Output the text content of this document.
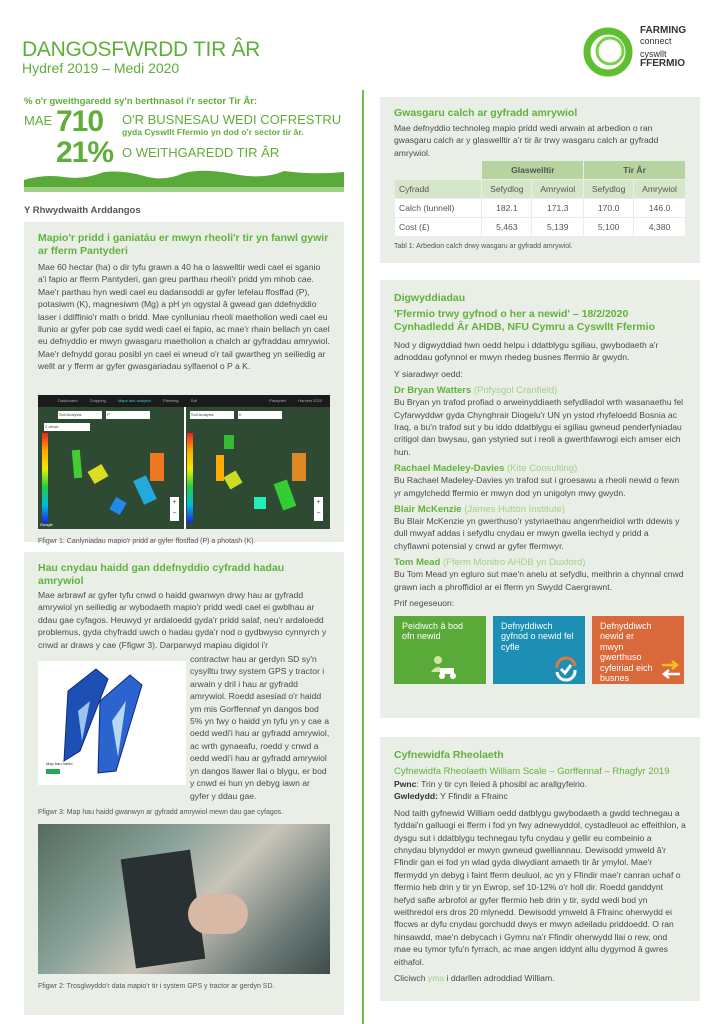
DANGOSFWRDD TIR ÂR
Hydref 2019 – Medi 2020
FARMING
connect
cyswllt
FFERMIO
% o'r gweithgaredd sy'n berthnasol i'r sector Tir Âr:
MAE 710 O'R BUSNESAU WEDI COFRESTRU
gyda Cyswllt Ffermio yn dod o'r sector tir âr.
21% O WEITHGAREDD TIR ÂR
Y Rhwydwaith Arddangos
Mapio'r pridd i ganiatáu er mwyn rheoli'r tir yn fanwl gywir ar fferm Pantyderi
Mae 60 hectar (ha) o dir tyfu grawn a 40 ha o laswelltir wedi cael ei sganio a'i fapio ar fferm Pantyderi, gan greu parthau rheoli'r pridd ym mhob cae. Mae'r parthau hyn wedi cael eu dadansoddi ar gyfer lefelau ffosffad (P), potasiwm (K), magnesiwm (Mg) a pH yn ogystal â gwead gan ddefnyddio laser i ddiffinio'r math o bridd. Mae cynlluniau rheoli maetholion wedi cael eu llunio ar gyfer pob cae sydd wedi cael ei fapio, ac mae'r rhain bellach yn cael eu defnyddio er mwyn gwasgaru maetholion a chalch ar gyfraddau amrywiol. Mae'r defnydd gorau posibl yn cael ei wneud o'r tail gwartheg yn seiliedig ar wellt ar y fferm ar gyfer gwasgariadau sylfaenol o P a K.
Dashboard	Cropping	Maps and analysis	Planning	Soil	Pantyderi	Harvest 2020
Soil Analysis	P
2 views
Soil Analysis	K
+
−
+
−
Google
Ffigwr 1: Canlyniadau mapio'r pridd ar gyfer ffosffad (P) a photash (K).
Hau cnydau haidd gan ddefnyddio cyfradd hadau amrywiol
Mae arbrawf ar gyfer tyfu cnwd o haidd gwanwyn drwy hau ar gyfradd amrywiol yn seiliedig ar wybodaeth mapio'r pridd wedi cael ei gwblhau ar ddau gae cyfagos. Heuwyd yr ardaloedd gyda'r pridd salaf, neu'r ardaloedd problemus, gyda chyfradd uwch o hadau gyda'r nod o gydbwyso cynnyrch y cnwd ar draws y cae (Ffigwr 3). Darparwyd mapiau digidol i'r
Map hau haidd
contractwr hau ar gerdyn SD sy'n cysylltu trwy system GPS y tractor i arwain y dril i hau ar gyfradd amrywiol. Roedd asesiad o'r haidd ym mis Gorffennaf yn dangos bod 5% yn fwy o haidd yn tyfu yn y cae a oedd wedi'i hau ar gyfradd amrywiol, ac wrth gynaeafu, roedd y cnwd a oedd wedi'i hau ar gyfradd amrywiol yn dangos llawer llai o blygu, er bod y cnwd ei hun yn debyg iawn ar gyfer y ddau gae.
Ffigwr 3: Map hau haidd gwanwyn ar gyfradd amrywiol mewn dau gae cyfagos.
Ffigwr 2: Trosglwyddo'r data mapio'r tir i system GPS y tractor ar gerdyn SD.
Gwasgaru calch ar gyfradd amrywiol
Mae defnyddio technoleg mapio pridd wedi arwain at arbedion o ran gwasgaru calch ar y glaswelltir a'r tir âr trwy wasgaru calch ar gyfradd amrywiol.
	Glaswelltir		Tir Âr	
Cyfradd	Sefydlog	Amrywiol	Sefydlog	Amrywiol
Calch (tunnell)	182.1	171.3	170.0	146.0
Cost (£)	5,463	5,139	5,100	4,380
Tabl 1: Arbedion calch drwy wasgaru ar gyfradd amrywiol.
Digwyddiadau
'Ffermio trwy gyfnod o her a newid' – 18/2/2020
Cynhadledd Âr AHDB, NFU Cymru a Cyswllt Ffermio
Nod y digwyddiad hwn oedd helpu i ddatblygu sgiliau, gwybodaeth a'r adnoddau gofynnol er mwyn rhedeg busnes ffermio âr gwydn.
Y siaradwyr oedd:
Dr Bryan Watters (Prifysgol Cranfield)
Bu Bryan yn trafod profiad o arweinyddiaeth sefydliadol wrth wasanaethu fel Cyfarwyddwr gyda Chynghrair Diogelu'r UN yn ystod rhyfeloedd Bosnia ac Iraq, a bu'n trafod sut y bu iddo ddatblygu ei sgiliau gwneud penderfyniadau critigol dan bwysau, gan ystyried sut i reoli a gwerthfawrogi eich amser eich hun.
Rachael Madeley-Davies (Kite Consulting)
Bu Rachael Madeley-Davies yn trafod sut i groesawu a rheoli newid o fewn yr amgylchedd ffermio er mwyn dod yn unigolyn mwy gwydn.
Blair McKenzie (James Hutton Institute)
Bu Blair McKenzie yn gwerthuso'r ystyriaethau angenrheidiol wrth ddewis y dull mwyaf addas i sefydlu cnydau er mwyn gwella iechyd y pridd a chyflawni potensial y cnwd ar gyfer ffermwyr.
Tom Mead (Fferm Monitro AHDB yn Duxford)
Bu Tom Mead yn egluro sut mae'n anelu at sefydlu, meithrin a chynnal cnwd grawn iach a phroffidiol ar ei fferm yn Swydd Caergrawnt.
Prif negeseuon:
Peidiwch â bod ofn newid
Defnyddiwch gyfnod o newid fel cyfle
Defnyddiwch newid er mwyn gwerthuso cyfeiriad eich busnes
Cyfnewidfa Rheolaeth
Cyfnewidfa Rheolaeth William Scale – Gorffennaf – Rhagfyr 2019
Pwnc: Trin y tir cyn lleied â phosibl ac arallgyfeirio.
Gwledydd: Y Ffindir a Ffrainc
Nod taith gyfnewid William oedd datblygu gwybodaeth a gwdd technegau a fyddai'n galluogi ei fferm i fod yn fwy adnewyddol, cystadleuol ac effeithlon, a dysgu sut i ddatblygu technegau tyfu cnydau y gellir eu combeinio a chnydau blynyddol er mwyn gwneud gwelliannau. Dewisodd ymweld â'r Ffindir gan ei fod yn wlad gyda diwydiant amaeth tir âr ymylol. Mae'r ffermydd yn debyg i faint fferm deuluol, ac yn y Ffindir mae'r canran uchaf o ffermio heb drin y tir yn Ewrop, sef 10-12% o'r holl dir. Roedd ganddynt hefyd safle arbrofol ar gyfer ffermio heb drin y tir, sydd wedi bod yn weithredol ers dros 20 mlynedd. Dewisodd ymweld â Ffrainc oherwydd ei ffocws ar dyfu cnydau gorchudd dwys er mwyn adeiladu priddoedd. O ran hinsawdd, mae'n debycach i Gymru na'r Ffindir oherwydd llai o rew, ond mae eu tymor tyfu'n fyrrach, ac mae angen iddynt allu dygymod â gwres eithafol.
Cliciwch yma i ddarllen adroddiad William.
